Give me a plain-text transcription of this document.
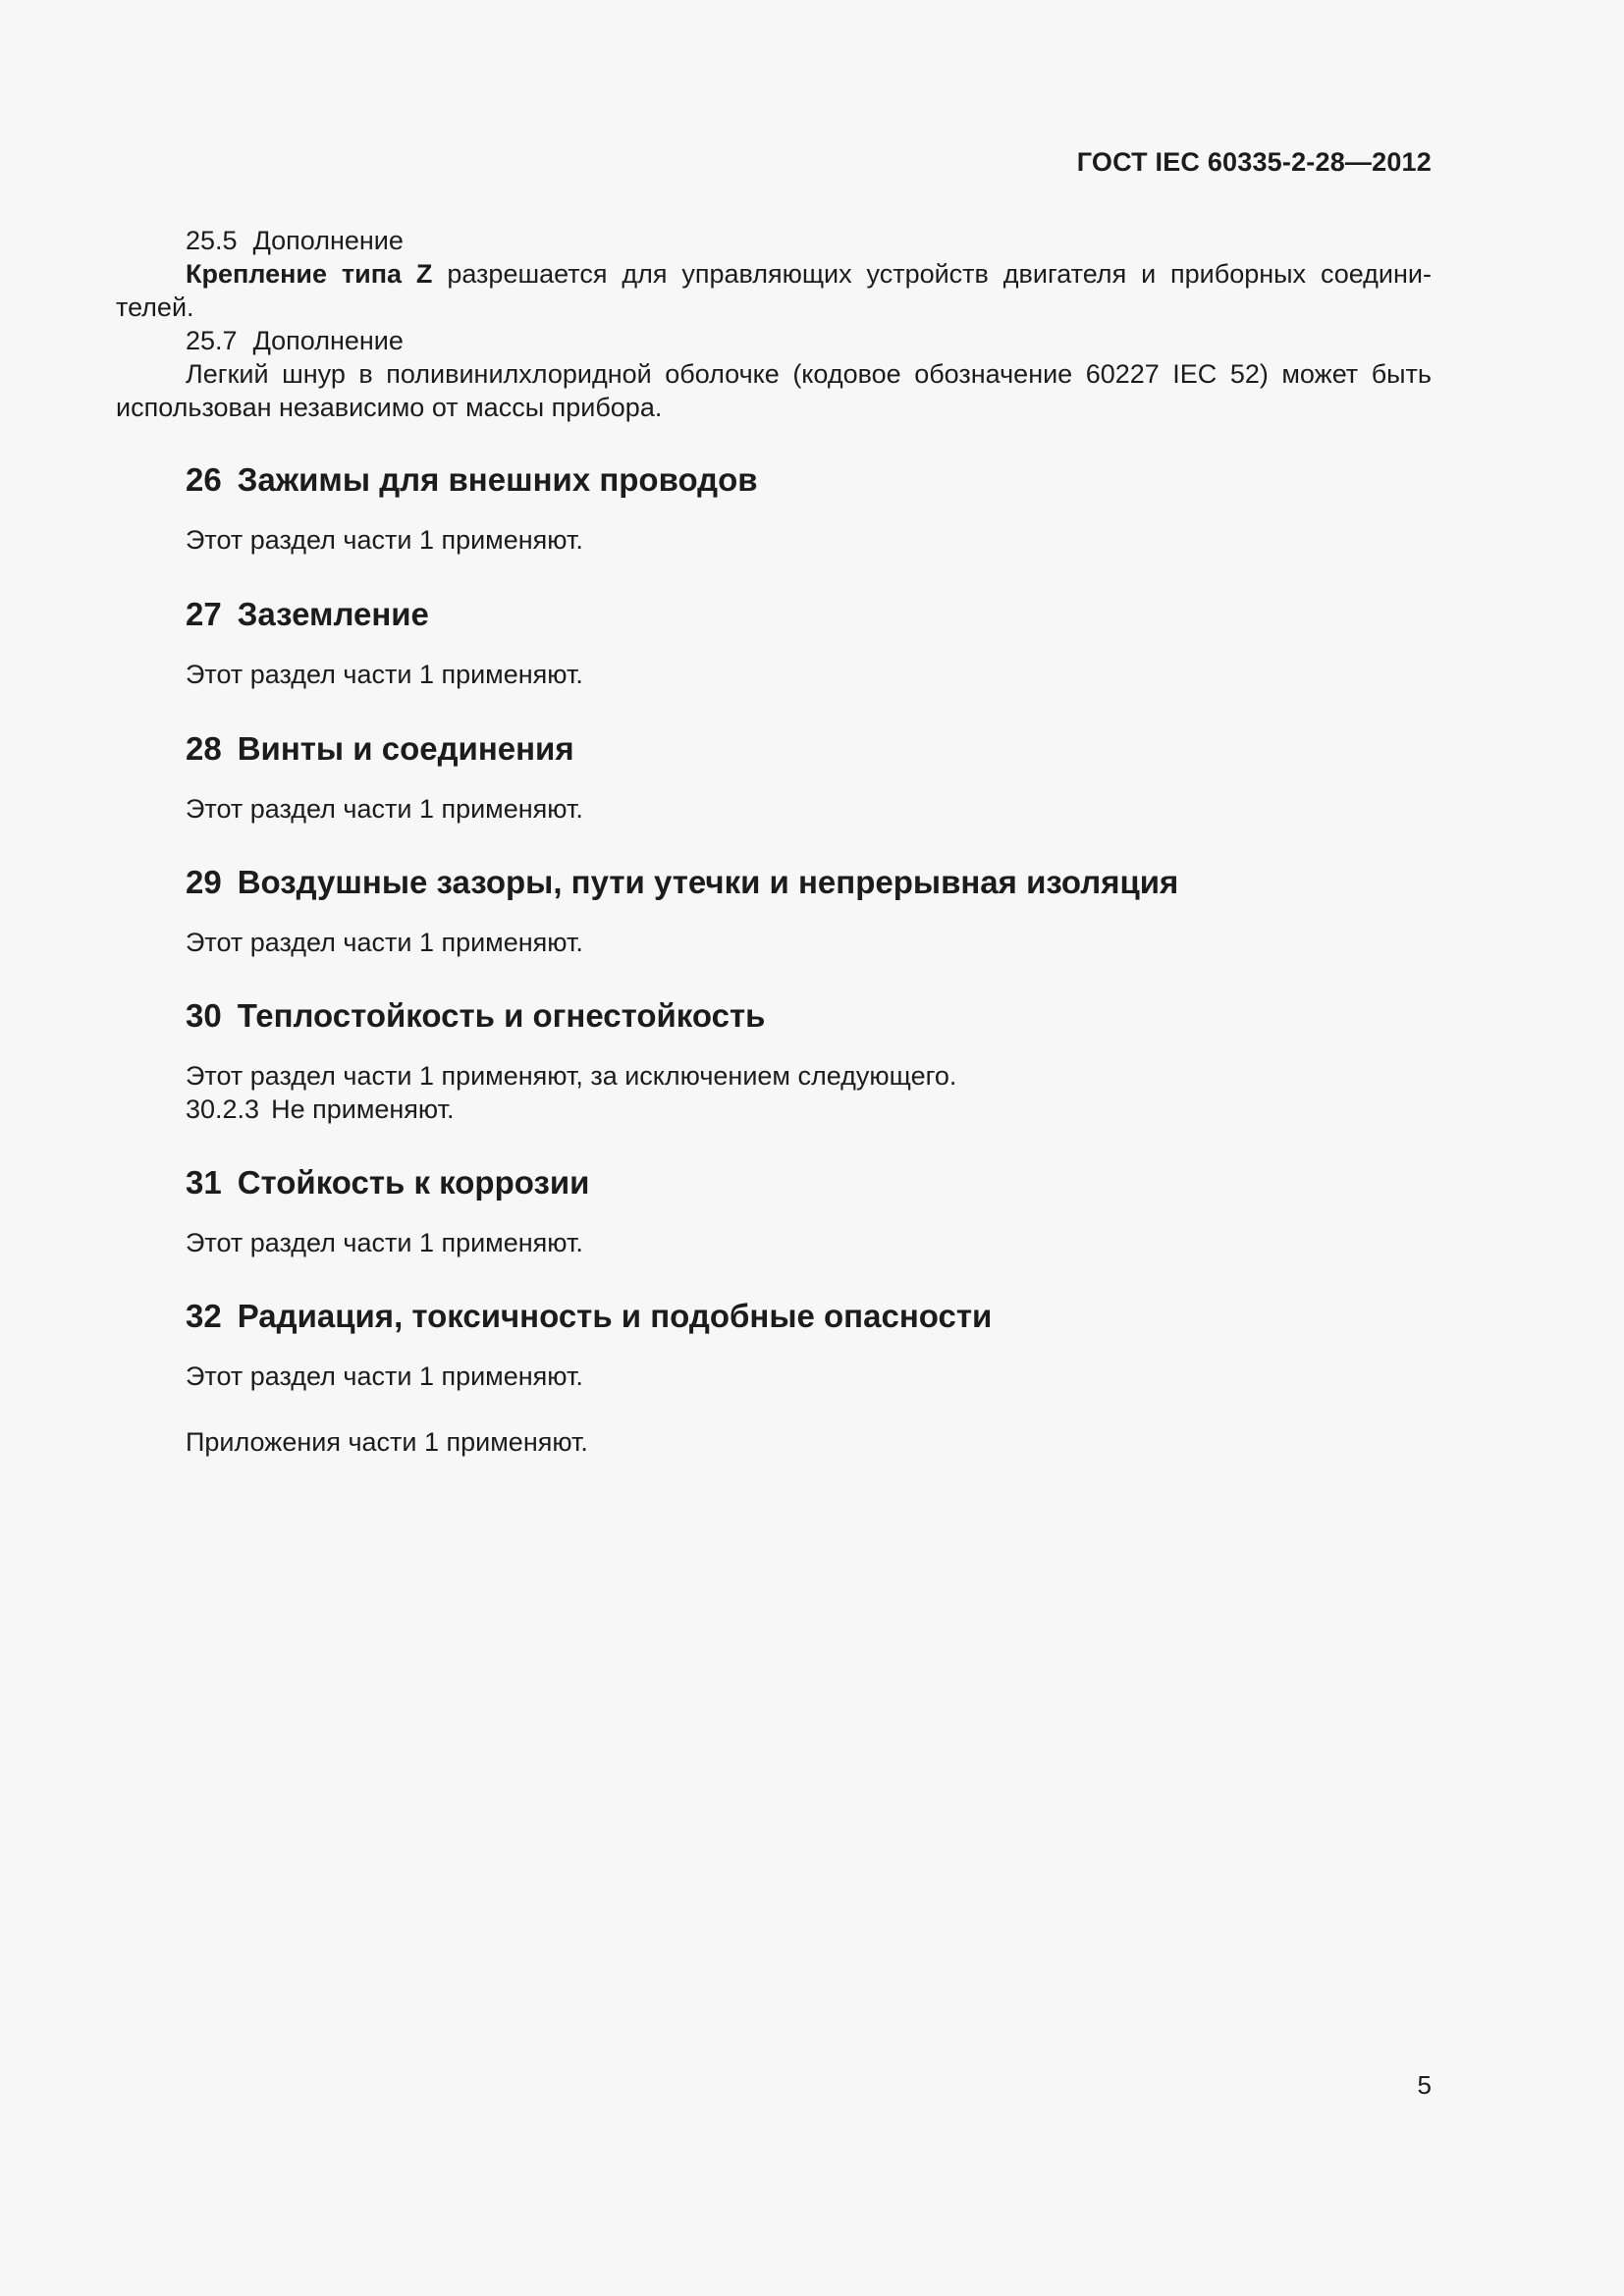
ГОСТ IEC 60335-2-28—2012
25.5 Дополнение
Крепление типа Z разрешается для управляющих устройств двигателя и приборных соедини-телей.
25.7 Дополнение
Легкий шнур в поливинилхлоридной оболочке (кодовое обозначение 60227 IEC 52) может быть использован независимо от массы прибора.
26 Зажимы для внешних проводов
Этот раздел части 1 применяют.
27 Заземление
Этот раздел части 1 применяют.
28 Винты и соединения
Этот раздел части 1 применяют.
29 Воздушные зазоры, пути утечки и непрерывная изоляция
Этот раздел части 1 применяют.
30 Теплостойкость и огнестойкость
Этот раздел части 1 применяют, за исключением следующего.
30.2.3 Не применяют.
31 Стойкость к коррозии
Этот раздел части 1 применяют.
32 Радиация, токсичность и подобные опасности
Этот раздел части 1 применяют.
Приложения части 1 применяют.
5
